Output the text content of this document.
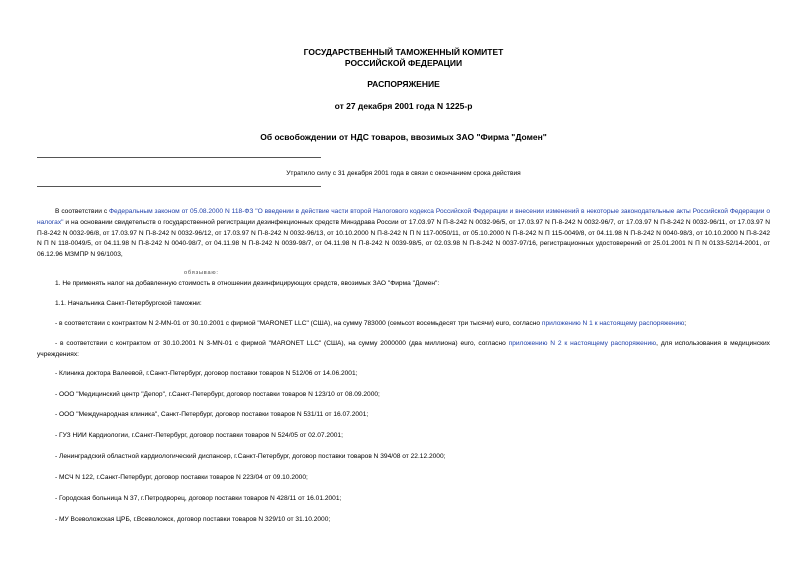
ГОСУДАРСТВЕННЫЙ ТАМОЖЕННЫЙ КОМИТЕТ
РОССИЙСКОЙ ФЕДЕРАЦИИ
РАСПОРЯЖЕНИЕ
от 27 декабря 2001 года N 1225-р
Об освобождении от НДС товаров, ввозимых ЗАО "Фирма "Домен"
Утратило силу с 31 декабря 2001 года в связи с окончанием срока действия
В соответствии с Федеральным законом от 05.08.2000 N 118-ФЗ "О введении в действие части второй Налогового кодекса Российской Федерации и внесении изменений в некоторые законодательные акты Российской Федерации о налогах" и на основании свидетельств о государственной регистрации дезинфекционных средств Минздрава России от 17.03.97 N П-8-242 N 0032-96/5, от 17.03.97 N П-8-242 N 0032-96/7, от 17.03.97 N П-8-242 N 0032-96/11, от 17.03.97 N П-8-242 N 0032-96/8, от 17.03.97 N П-8-242 N 0032-96/12, от 17.03.97 N П-8-242 N 0032-96/13, от 10.10.2000 N П-8-242 N П N 117-0050/11, от 05.10.2000 N П-8-242 N П 115-0049/8, от 04.11.98 N П-8-242 N 0040-98/3, от 10.10.2000 N П-8-242 N П N 118-0049/5, от 04.11.98 N П-8-242 N 0040-98/7, от 04.11.98 N П-8-242 N 0039-98/7, от 04.11.98 N П-8-242 N 0039-98/5, от 02.03.98 N П-8-242 N 0037-97/16, регистрационных удостоверений от 25.01.2001 N П N 0133-52/14-2001, от 06.12.96 МЗМПР N 96/1003,
обязываю:
1. Не применять налог на добавленную стоимость в отношении дезинфицирующих средств, ввозимых ЗАО "Фирма "Домен":
1.1. Начальника Санкт-Петербургской таможни:
- в соответствии с контрактом N 2-MN-01 от 30.10.2001 с фирмой "MARONET LLC" (США), на сумму 783000 (семьсот восемьдесят три тысячи) euro, согласно приложению N 1 к настоящему распоряжению;
- в соответствии с контрактом от 30.10.2001 N 3-MN-01 с фирмой "MARONET LLC" (США), на сумму 2000000 (два миллиона) euro, согласно приложению N 2 к настоящему распоряжению, для использования в медицинских учреждениях:
- Клиника доктора Валеевой, г.Санкт-Петербург, договор поставки товаров N 512/06 от 14.06.2001;
- ООО "Медицинский центр "Депор", г.Санкт-Петербург, договор поставки товаров N 123/10 от 08.09.2000;
- ООО "Международная клиника", Санкт-Петербург, договор поставки товаров N 531/11 от 16.07.2001;
- ГУЗ НИИ Кардиологии, г.Санкт-Петербург, договор поставки товаров N 524/05 от 02.07.2001;
- Ленинградский областной кардиологический диспансер, г.Санкт-Петербург, договор поставки товаров N 394/08 от 22.12.2000;
- МСЧ N 122, г.Санкт-Петербург, договор поставки товаров N 223/04 от 09.10.2000;
- Городская больница N 37, г.Петродворец, договор поставки товаров N 428/11 от 16.01.2001;
- МУ Всеволожская ЦРБ, г.Всеволожск, договор поставки товаров N 329/10 от 31.10.2000;
